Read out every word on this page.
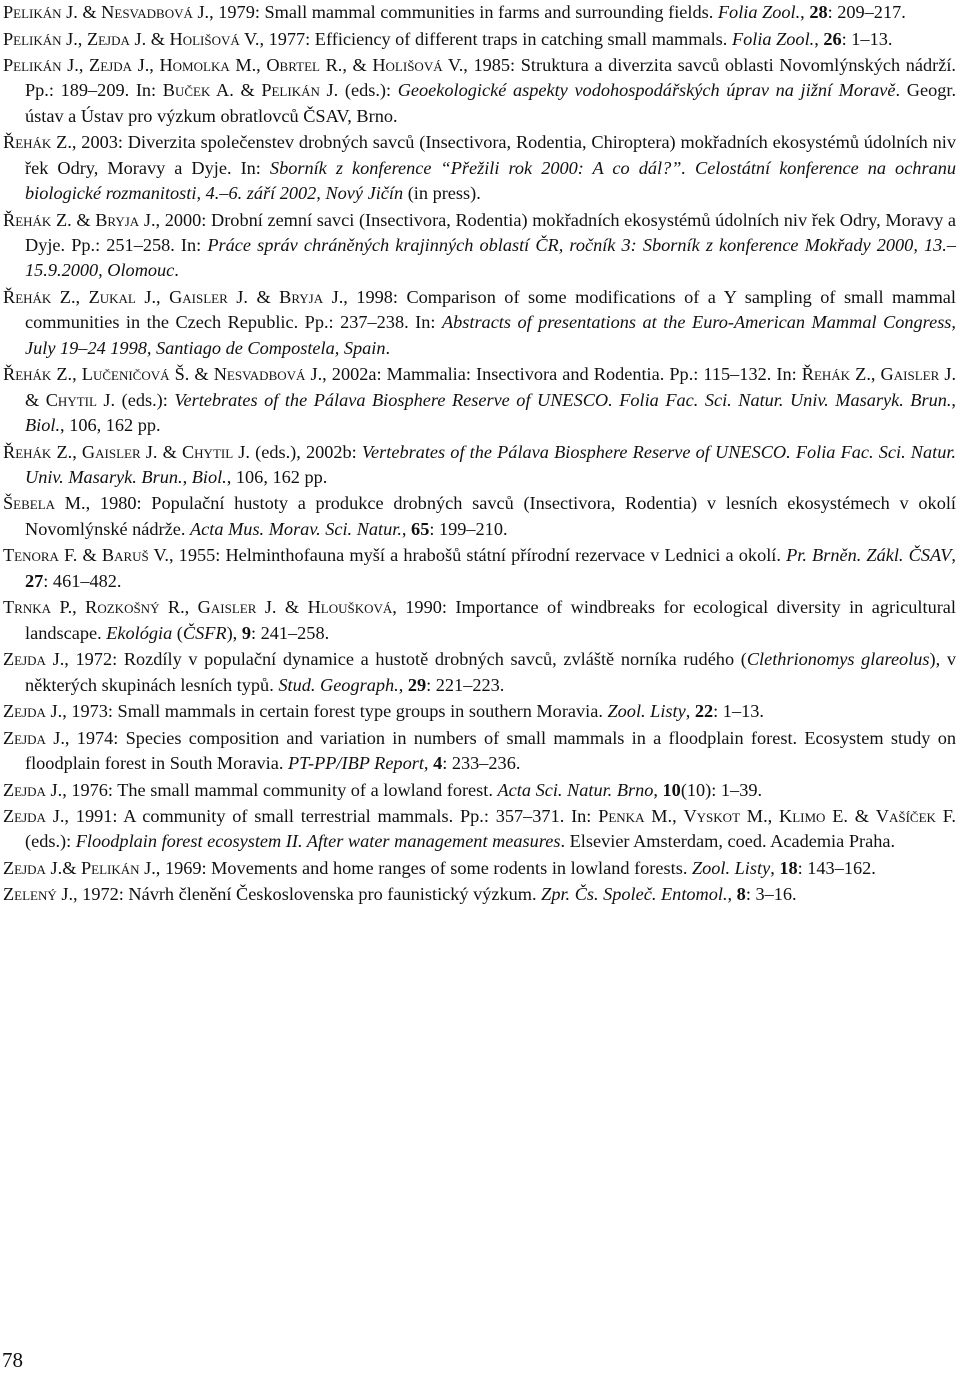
Pelikán J. & Nesvadbová J., 1979: Small mammal communities in farms and surrounding fields. Folia Zool., 28: 209–217.

Pelikán J., Zejda J. & Holišová V., 1977: Efficiency of different traps in catching small mammals. Folia Zool., 26: 1–13.

Pelikán J., Zejda J., Homolka M., Obrtel R., & Holišová V., 1985: Struktura a diverzita savců oblasti Novomlýnských nádrží. Pp.: 189–209. In: Buček A. & Pelikán J. (eds.): Geoekologické aspekty vodohospodářských úprav na jižní Moravě. Geogr. ústav a Ústav pro výzkum obratlovců ČSAV, Brno.

Řehák Z., 2003: Diverzita společenstev drobných savců (Insectivora, Rodentia, Chiroptera) mokřadních ekosystémů údolních niv řek Odry, Moravy a Dyje. In: Sborník z konference “Přežili rok 2000: A co dál?”. Celostátní konference na ochranu biologické rozmanitosti, 4.–6. září 2002, Nový Jičín (in press).

Řehák Z. & Bryja J., 2000: Drobní zemní savci (Insectivora, Rodentia) mokřadních ekosystémů údolních niv řek Odry, Moravy a Dyje. Pp.: 251–258. In: Práce správ chráněných krajinných oblastí ČR, ročník 3: Sborník z konference Mokřady 2000, 13.–15.9.2000, Olomouc.

Řehák Z., Zukal J., Gaisler J. & Bryja J., 1998: Comparison of some modifications of a Y sampling of small mammal communities in the Czech Republic. Pp.: 237–238. In: Abstracts of presentations at the Euro-American Mammal Congress, July 19–24 1998, Santiago de Compostela, Spain.

Řehák Z., Lučeničová Š. & Nesvadbová J., 2002a: Mammalia: Insectivora and Rodentia. Pp.: 115–132. In: Řehák Z., Gaisler J. & Chytil J. (eds.): Vertebrates of the Pálava Biosphere Reserve of UNESCO. Folia Fac. Sci. Natur. Univ. Masaryk. Brun., Biol., 106, 162 pp.

Řehák Z., Gaisler J. & Chytil J. (eds.), 2002b: Vertebrates of the Pálava Biosphere Reserve of UNESCO. Folia Fac. Sci. Natur. Univ. Masaryk. Brun., Biol., 106, 162 pp.

Šebela M., 1980: Populační hustoty a produkce drobných savců (Insectivora, Rodentia) v lesních ekosystémech v okolí Novomlýnské nádrže. Acta Mus. Morav. Sci. Natur., 65: 199–210.

Tenora F. & Baruš V., 1955: Helminthofauna myší a hrabošů státní přírodní rezervace v Lednici a okolí. Pr. Brněn. Zákl. ČSAV, 27: 461–482.

Trnka P., Rozkošný R., Gaisler J. & Hloušková, 1990: Importance of windbreaks for ecological diversity in agricultural landscape. Ekológia (ČSFR), 9: 241–258.

Zejda J., 1972: Rozdíly v populační dynamice a hustotě drobných savců, zvláště norníka rudého (Clethrionomys glareolus), v některých skupinách lesních typů. Stud. Geograph., 29: 221–223.

Zejda J., 1973: Small mammals in certain forest type groups in southern Moravia. Zool. Listy, 22: 1–13.

Zejda J., 1974: Species composition and variation in numbers of small mammals in a floodplain forest. Ecosystem study on floodplain forest in South Moravia. PT-PP/IBP Report, 4: 233–236.

Zejda J., 1976: The small mammal community of a lowland forest. Acta Sci. Natur. Brno, 10(10): 1–39.

Zejda J., 1991: A community of small terrestrial mammals. Pp.: 357–371. In: Penka M., Vyskot M., Klimo E. & Vašíček F. (eds.): Floodplain forest ecosystem II. After water management measures. Elsevier Amsterdam, coed. Academia Praha.

Zejda J.& Pelikán J., 1969: Movements and home ranges of some rodents in lowland forests. Zool. Listy, 18: 143–162.

Zelený J., 1972: Návrh členění Československa pro faunistický výzkum. Zpr. Čs. Společ. Entomol., 8: 3–16.

78
